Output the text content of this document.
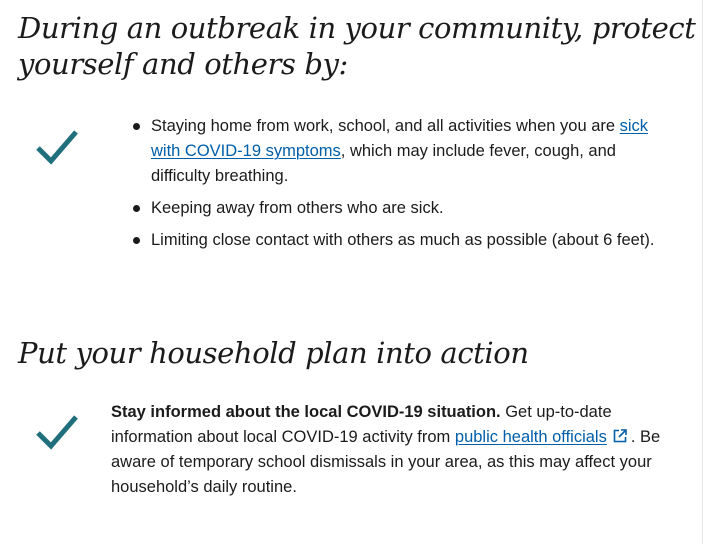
During an outbreak in your community, protect
yourself and others by:
Staying home from work, school, and all activities when you are sick with COVID-19 symptoms, which may include fever, cough, and difficulty breathing.
Keeping away from others who are sick.
Limiting close contact with others as much as possible (about 6 feet).
Put your household plan into action

Stay informed about the local COVID-19 situation. Get up-to-date information about local COVID-19 activity from public health officials . Be aware of temporary school dismissals in your area, as this may affect your household’s daily routine.
